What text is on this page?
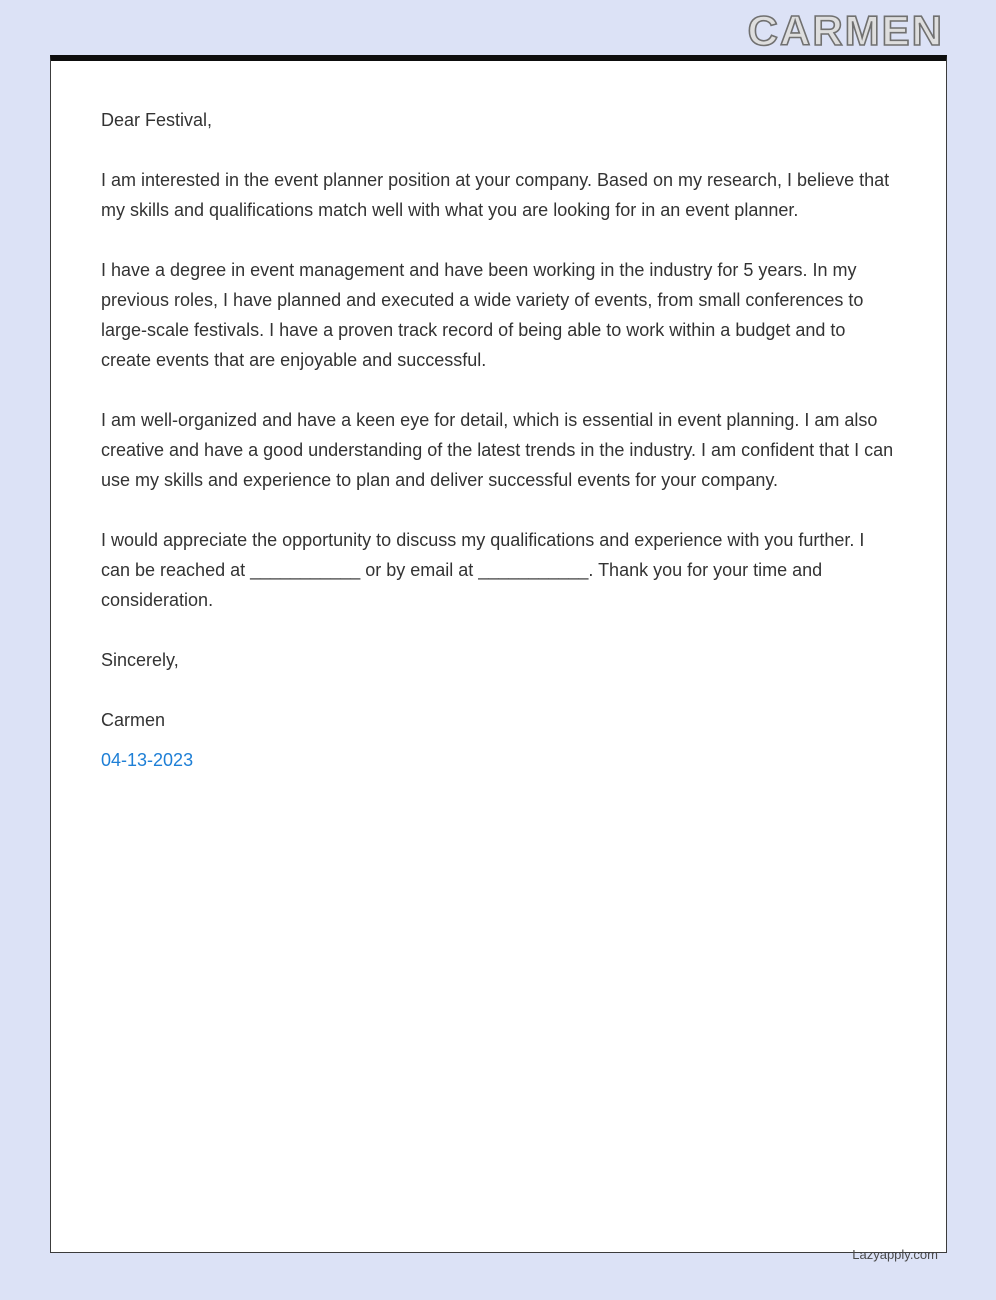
CARMEN

Dear Festival,

I am interested in the event planner position at your company. Based on my research, I believe that my skills and qualifications match well with what you are looking for in an event planner.

I have a degree in event management and have been working in the industry for 5 years. In my previous roles, I have planned and executed a wide variety of events, from small conferences to large-scale festivals. I have a proven track record of being able to work within a budget and to create events that are enjoyable and successful.

I am well-organized and have a keen eye for detail, which is essential in event planning. I am also creative and have a good understanding of the latest trends in the industry. I am confident that I can use my skills and experience to plan and deliver successful events for your company.

I would appreciate the opportunity to discuss my qualifications and experience with you further. I can be reached at ___________ or by email at ___________. Thank you for your time and consideration.

Sincerely,

Carmen

04-13-2023

Lazyapply.com
